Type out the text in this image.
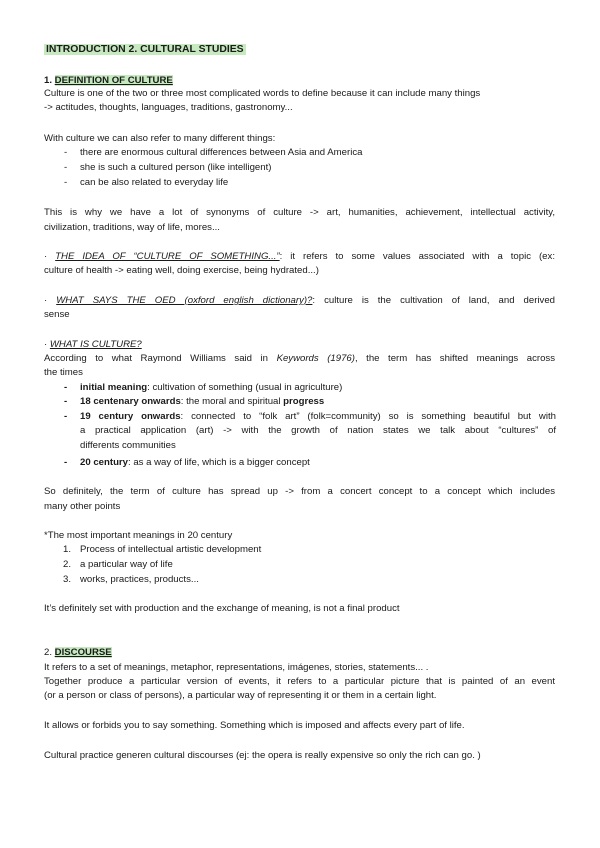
INTRODUCTION 2. CULTURAL STUDIES
1. DEFINITION OF CULTURE
Culture is one of the two or three most complicated words to define because it can include many things
-> actitudes, thoughts, languages, traditions, gastronomy...
With culture we can also refer to many different things:
- there are enormous cultural differences between Asia and America
- she is such a cultured person (like intelligent)
- can be also related to everyday life
This is why we have a lot of synonyms of culture -> art, humanities, achievement, intellectual activity,
civilization, traditions, way of life, mores...
· THE IDEA OF “CULTURE OF SOMETHING...”: it refers to some values associated with a topic (ex:
culture of health -> eating well, doing exercise, being hydrated...)
· WHAT SAYS THE OED (oxford english dictionary)?: culture is the cultivation of land, and derived
sense
· WHAT IS CULTURE?
According to what Raymond Williams said in Keywords (1976), the term has shifted meanings across
the times
- initial meaning: cultivation of something (usual in agriculture)
- 18 centenary onwards: the moral and spiritual progress
- 19 century onwards: connected to “folk art” (folk=community) so is something beautiful but with
a practical application (art) -> with the growth of nation states we talk about “cultures” of
differents communities
- 20 century: as a way of life, which is a bigger concept
So definitely, the term of culture has spread up -> from a concert concept to a concept which includes
many other points
*The most important meanings in 20 century
1. Process of intellectual artistic development
2. a particular way of life
3. works, practices, products...
It’s definitely set with production and the exchange of meaning, is not a final product
2. DISCOURSE
It refers to a set of meanings, metaphor, representations, imágenes, stories, statements... .
Together produce a particular version of events, it refers to a particular picture that is painted of an event
(or a person or class of persons), a particular way of representing it or them in a certain light.
It allows or forbids you to say something. Something which is imposed and affects every part of life.
Cultural practice generen cultural discourses (ej: the opera is really expensive so only the rich can go. )
